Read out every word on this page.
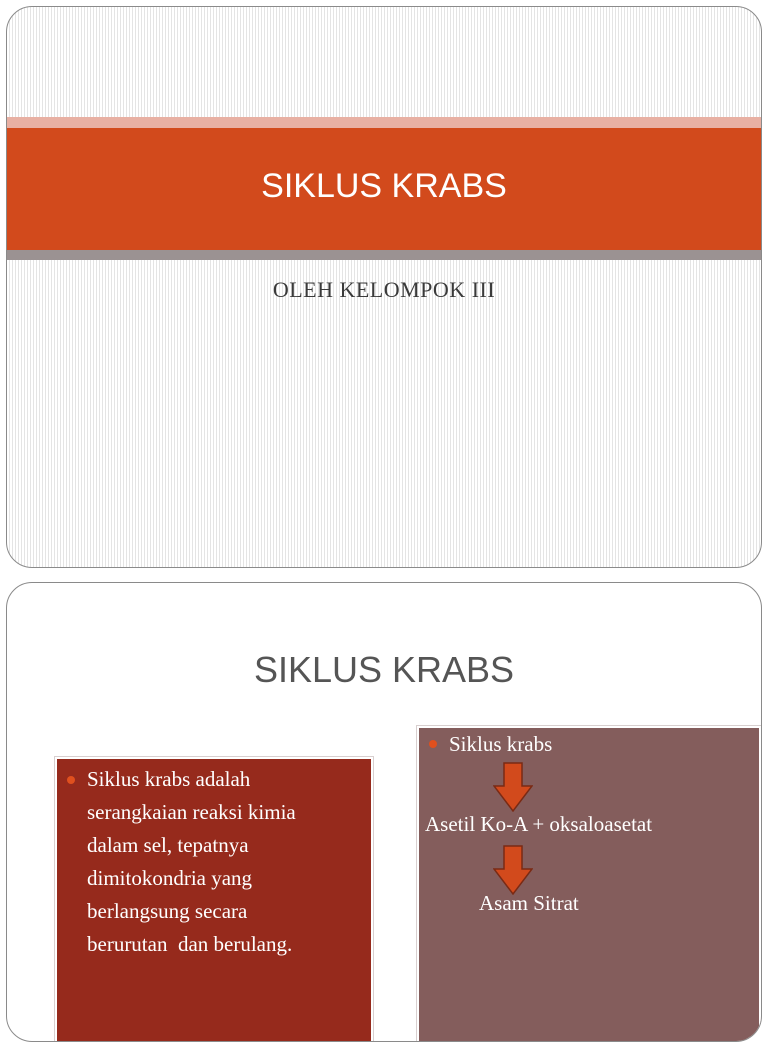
SIKLUS KRABS
OLEH KELOMPOK III
SIKLUS KRABS
Siklus krabs adalah
serangkaian reaksi kimia
dalam sel, tepatnya
dimitokondria yang
berlangsung secara
berurutan  dan berulang.
Siklus krabs
Asetil Ko-A + oksaloasetat
Asam Sitrat
